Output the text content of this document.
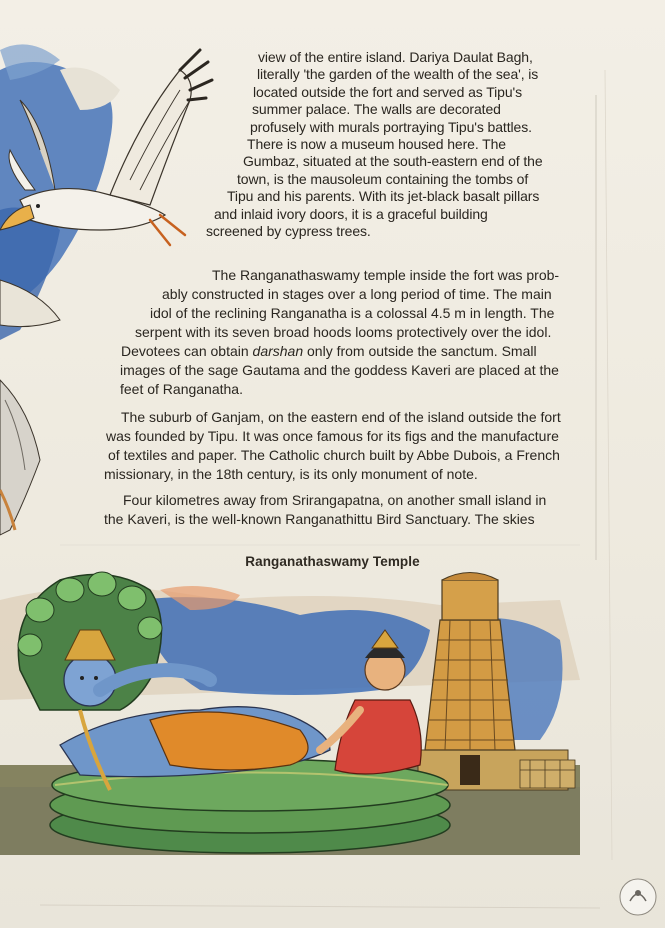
view of the entire island. Dariya Daulat Bagh,
literally 'the garden of the wealth of the sea', is
located outside the fort and served as Tipu's
summer palace. The walls are decorated
profusely with murals portraying Tipu's battles.
There is now a museum housed here. The
Gumbaz, situated at the south-eastern end of the
town, is the mausoleum containing the tombs of
Tipu and his parents. With its jet-black basalt pillars
and inlaid ivory doors, it is a graceful building
screened by cypress trees.
The Ranganathaswamy temple inside the fort was prob-
ably constructed in stages over a long period of time. The main
idol of the reclining Ranganatha is a colossal 4.5 m in length. The
serpent with its seven broad hoods looms protectively over the idol.
Devotees can obtain darshan only from outside the sanctum. Small
images of the sage Gautama and the goddess Kaveri are placed at the
feet of Ranganatha.
The suburb of Ganjam, on the eastern end of the island outside the fort
was founded by Tipu. It was once famous for its figs and the manufacture
of textiles and paper. The Catholic church built by Abbe Dubois, a French
missionary, in the 18th century, is its only monument of note.
Four kilometres away from Srirangapatna, on another small island in
the Kaveri, is the well-known Ranganathittu Bird Sanctuary. The skies
Ranganathaswamy Temple
